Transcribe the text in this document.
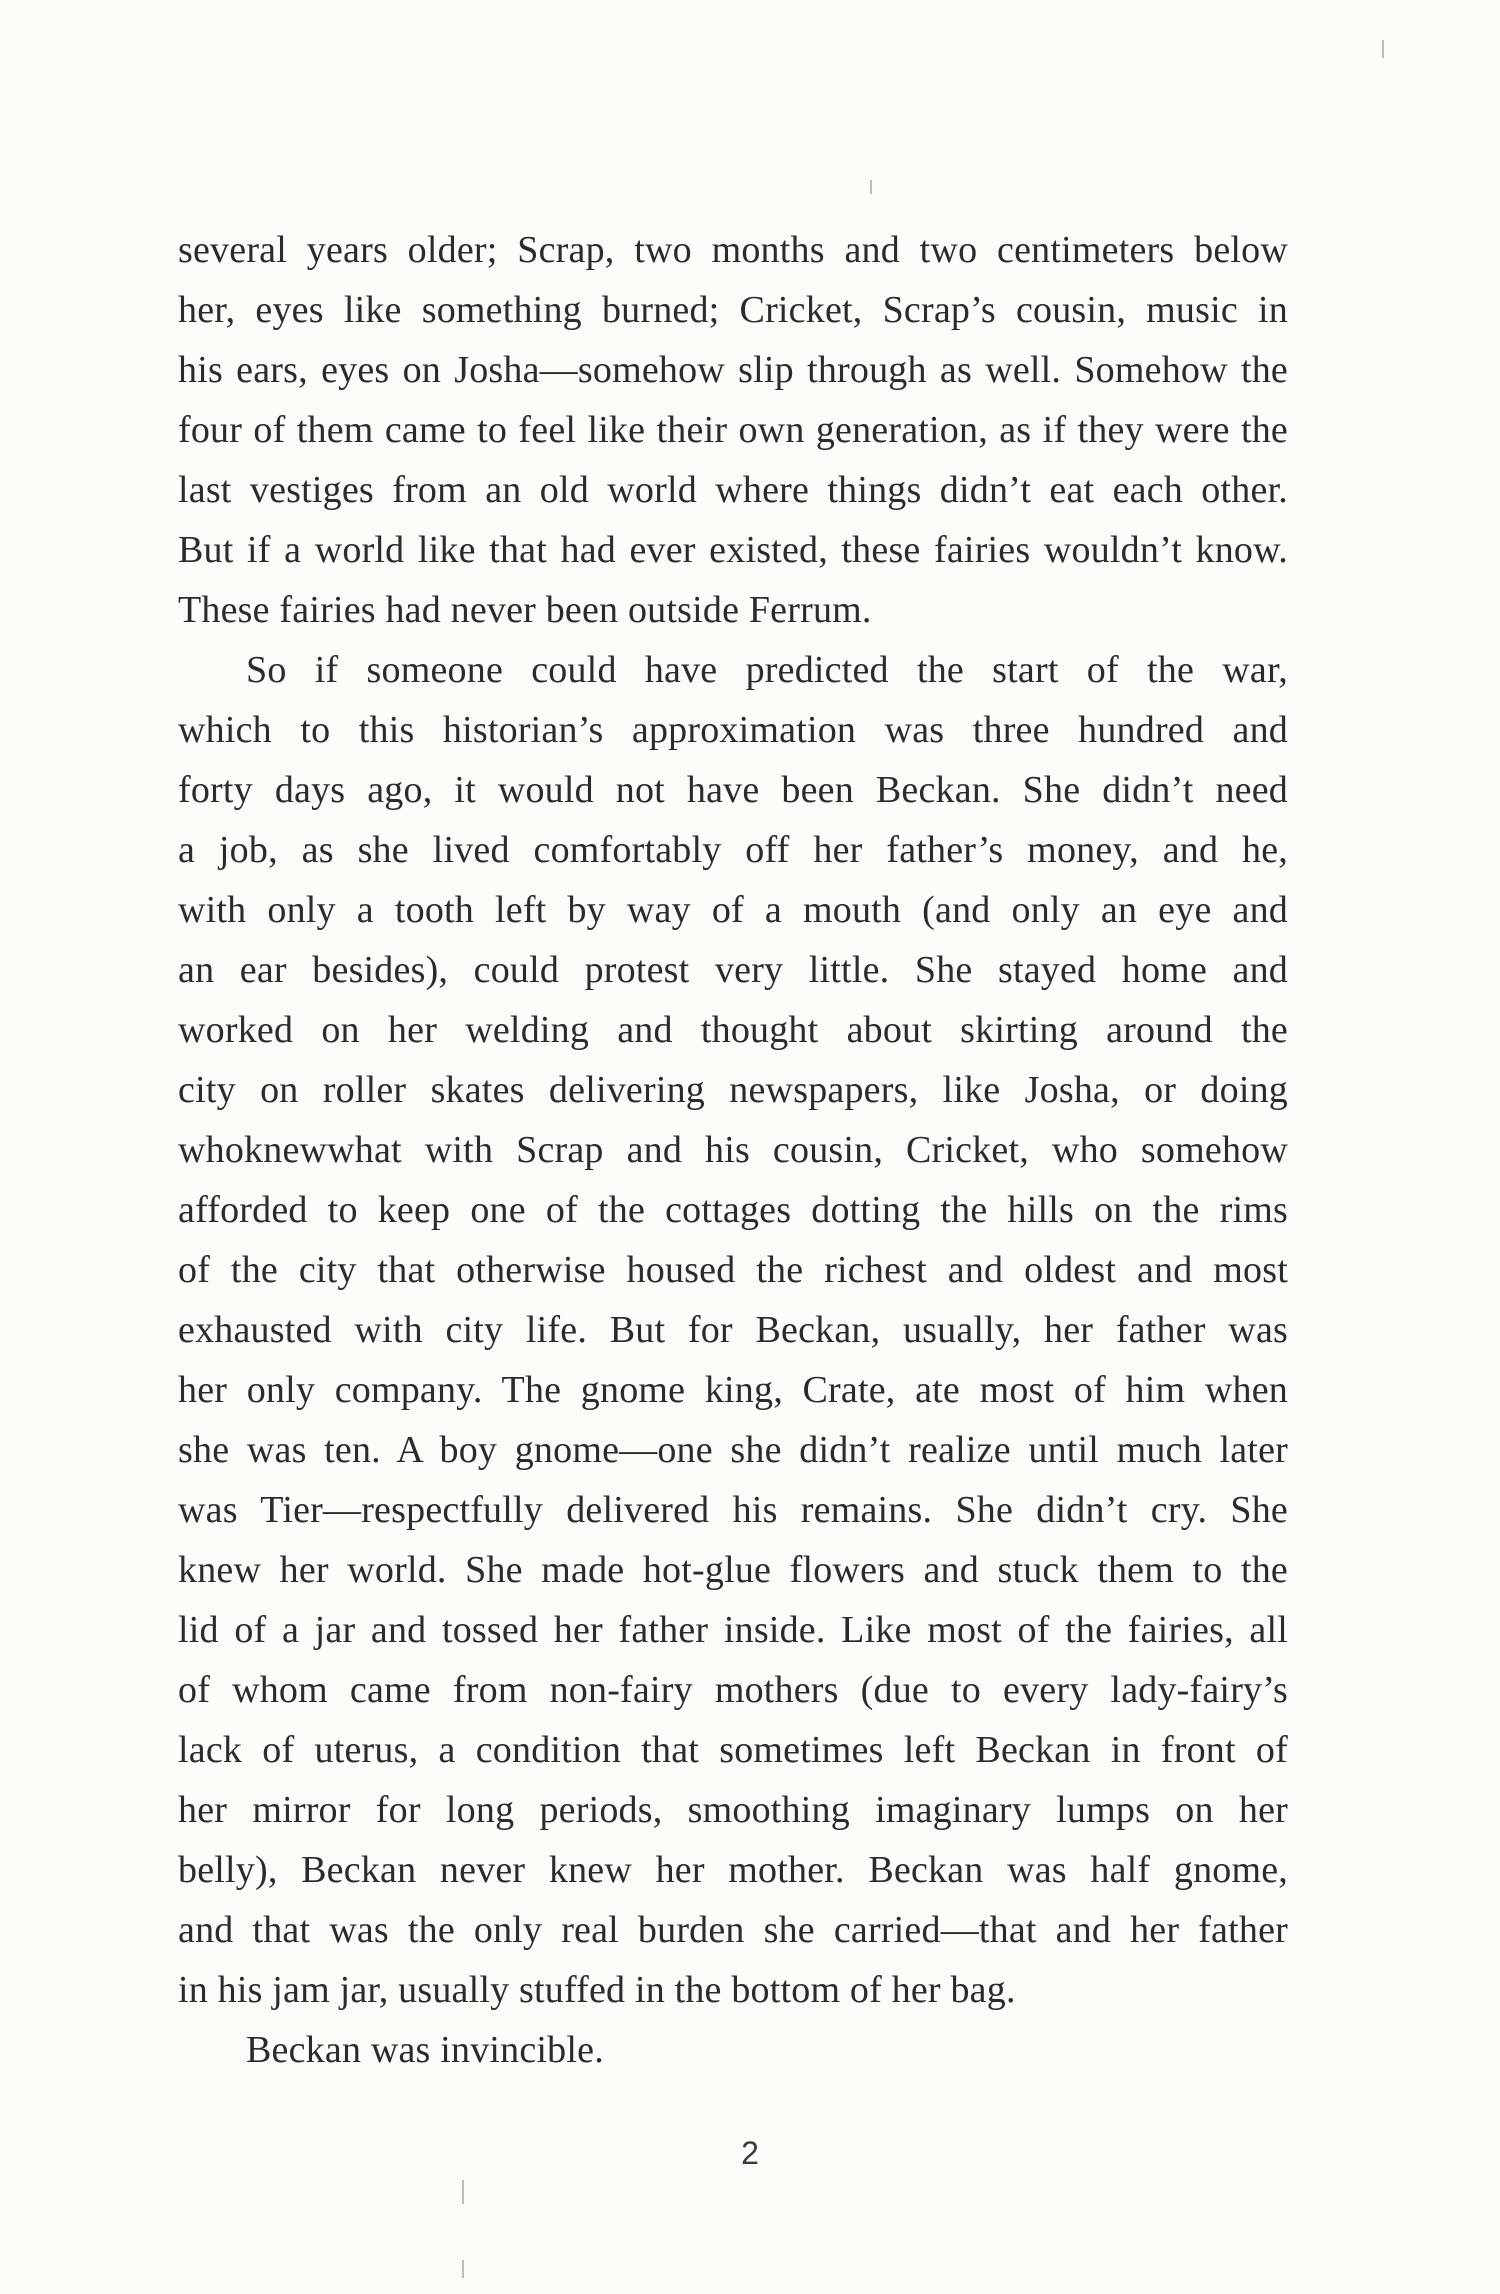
several years older; Scrap, two months and two centimeters below
her, eyes like something burned; Cricket, Scrap’s cousin, music in
his ears, eyes on Josha—somehow slip through as well. Somehow the
four of them came to feel like their own generation, as if they were the
last vestiges from an old world where things didn’t eat each other.
But if a world like that had ever existed, these fairies wouldn’t know.
These fairies had never been outside Ferrum.
So if someone could have predicted the start of the war,
which to this historian’s approximation was three hundred and
forty days ago, it would not have been Beckan. She didn’t need
a job, as she lived comfortably off her father’s money, and he,
with only a tooth left by way of a mouth (and only an eye and
an ear besides), could protest very little. She stayed home and
worked on her welding and thought about skirting around the
city on roller skates delivering newspapers, like Josha, or doing
whoknewwhat with Scrap and his cousin, Cricket, who somehow
afforded to keep one of the cottages dotting the hills on the rims
of the city that otherwise housed the richest and oldest and most
exhausted with city life. But for Beckan, usually, her father was
her only company. The gnome king, Crate, ate most of him when
she was ten. A boy gnome—one she didn’t realize until much later
was Tier—respectfully delivered his remains. She didn’t cry. She
knew her world. She made hot-glue flowers and stuck them to the
lid of a jar and tossed her father inside. Like most of the fairies, all
of whom came from non-fairy mothers (due to every lady-fairy’s
lack of uterus, a condition that sometimes left Beckan in front of
her mirror for long periods, smoothing imaginary lumps on her
belly), Beckan never knew her mother. Beckan was half gnome,
and that was the only real burden she carried—that and her father
in his jam jar, usually stuffed in the bottom of her bag.
Beckan was invincible.
2
